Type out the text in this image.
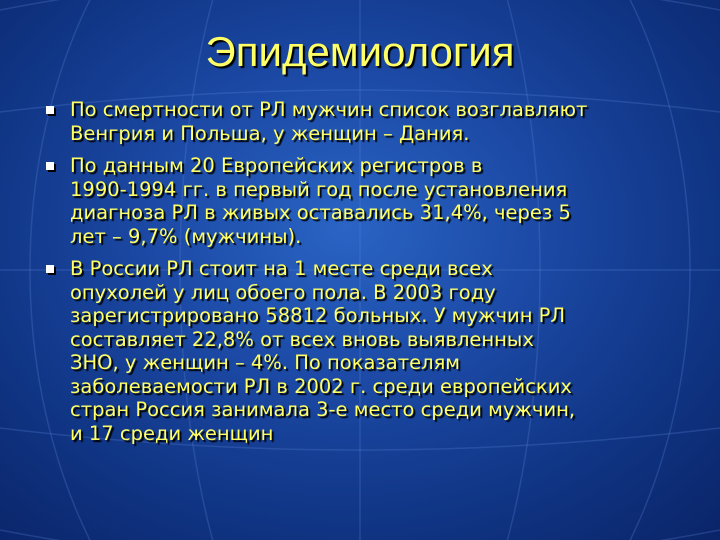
Эпидемиология
По смертности от РЛ мужчин список возглавляют
Венгрия и Польша, у женщин – Дания.
По данным 20 Европейских регистров в
1990-1994 гг. в первый год после установления
диагноза РЛ в живых оставались 31,4%, через 5
лет – 9,7% (мужчины).
В России РЛ стоит на 1 месте среди всех
опухолей у лиц обоего пола. В 2003 году
зарегистрировано 58812 больных. У мужчин РЛ
составляет 22,8% от всех вновь выявленных
ЗНО, у женщин – 4%. По показателям
заболеваемости РЛ в 2002 г. среди европейских
стран Россия занимала 3-е место среди мужчин,
и 17 среди женщин
